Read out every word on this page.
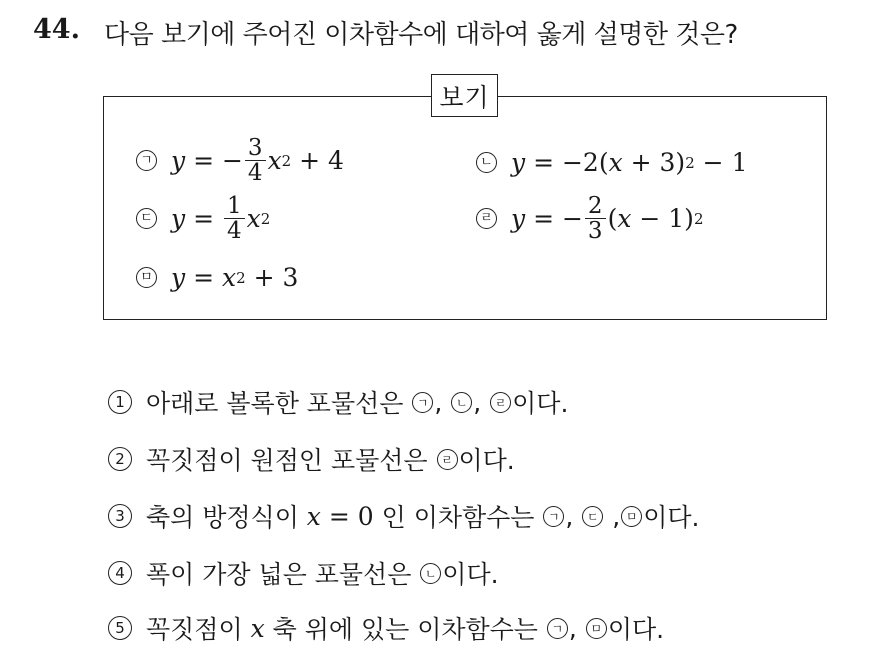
44. 다음 보기에 주어진 이차함수에 대하여 옳게 설명한 것은?
보기
ㄱ y = − $\frac{3}{4}$ x 2 + 4	ㄴ y = −2(x + 3) 2 − 1
ㄷ $y = \frac{1}{4}$ x 2	ㄹ y = − $\frac{2}{3} (x - 1)$ 2
ㅁ y = x 2 + 3
1 아래로 볼록한 포물선은 ㄱ , ㄴ , ㄹ 이다.
2 꼭짓점이 원점인 포물선은 ㄹ 이다.
3 축의 방정식이 x = 0 인 이차함수는 ㄱ , ㄷ , ㅁ 이다.
4 폭이 가장 넓은 포물선은 ㄴ 이다.
5 꼭짓점이 x 축 위에 있는 이차함수는 ㄱ , ㅁ 이다.
